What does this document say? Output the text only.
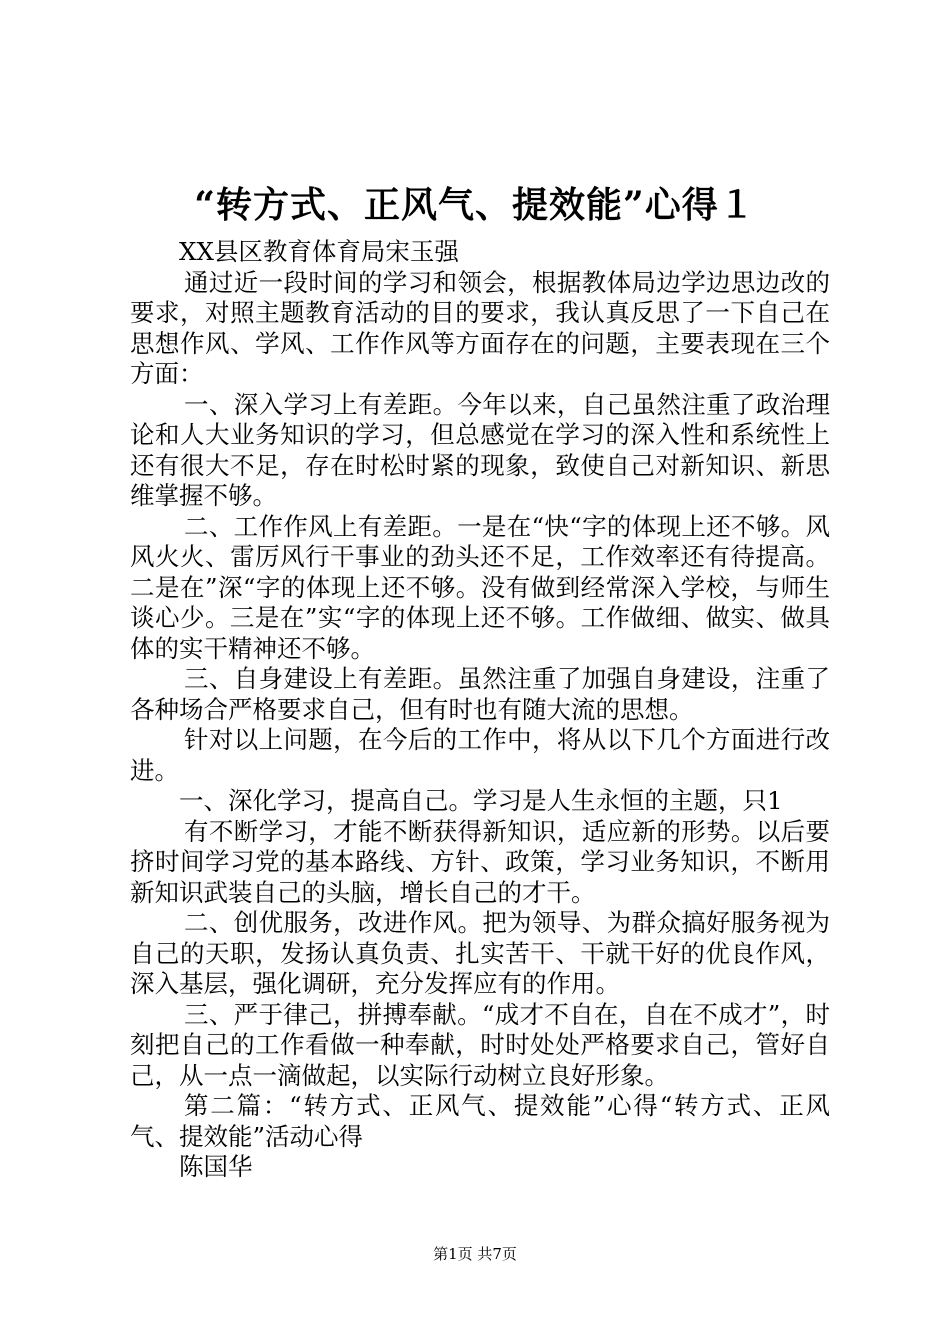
“转方式、正风气、提效能”心得１

XX县区教育体育局宋玉强

通过近一段时间的学习和领会，根据教体局边学边思边改的要求，对照主题教育活动的目的要求，我认真反思了一下自己在思想作风、学风、工作作风等方面存在的问题，主要表现在三个方面：

一、深入学习上有差距。今年以来，自己虽然注重了政治理论和人大业务知识的学习，但总感觉在学习的深入性和系统性上还有很大不足，存在时松时紧的现象，致使自己对新知识、新思维掌握不够。

二、工作作风上有差距。一是在“快“字的体现上还不够。风风火火、雷厉风行干事业的劲头还不足，工作效率还有待提高。二是在”深“字的体现上还不够。没有做到经常深入学校，与师生谈心少。三是在”实“字的体现上还不够。工作做细、做实、做具体的实干精神还不够。

三、自身建设上有差距。虽然注重了加强自身建设，注重了各种场合严格要求自己，但有时也有随大流的思想。

针对以上问题，在今后的工作中，将从以下几个方面进行改进。

一、深化学习，提高自己。学习是人生永恒的主题，只1

有不断学习，才能不断获得新知识，适应新的形势。以后要挤时间学习党的基本路线、方针、政策，学习业务知识，不断用新知识武装自己的头脑，增长自己的才干。

二、创优服务，改进作风。把为领导、为群众搞好服务视为自己的天职，发扬认真负责、扎实苦干、干就干好的优良作风，深入基层，强化调研，充分发挥应有的作用。

三、严于律己，拼搏奉献。“成才不自在，自在不成才”，时刻把自己的工作看做一种奉献，时时处处严格要求自己，管好自己，从一点一滴做起，以实际行动树立良好形象。

第二篇：“转方式、正风气、提效能”心得“转方式、正风气、提效能”活动心得

陈国华

第1页 共7页
